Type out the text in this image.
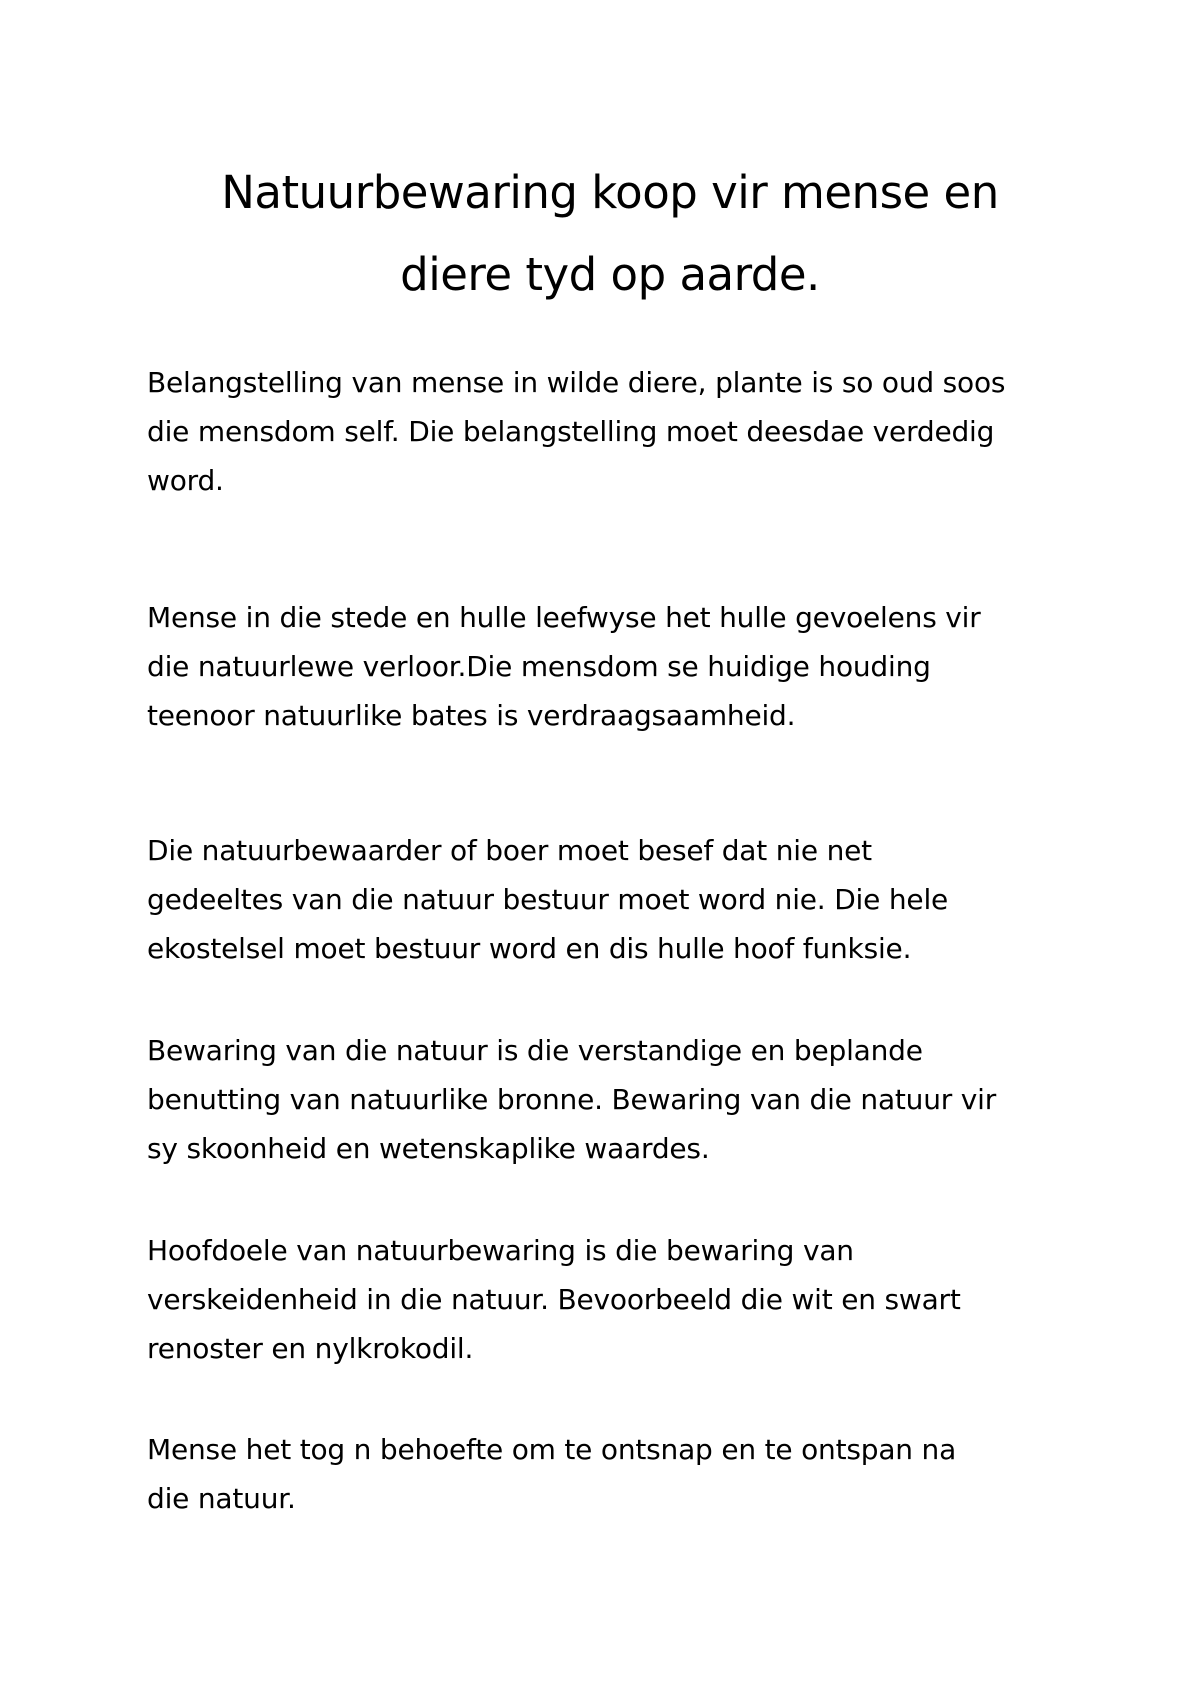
Natuurbewaring koop vir mense en
diere tyd op aarde.

Belangstelling van mense in wilde diere, plante is so oud soos
die mensdom self. Die belangstelling moet deesdae verdedig
word.

Mense in die stede en hulle leefwyse het hulle gevoelens vir
die natuurlewe verloor.Die mensdom se huidige houding
teenoor natuurlike bates is verdraagsaamheid.

Die natuurbewaarder of boer moet besef dat nie net
gedeeltes van die natuur bestuur moet word nie. Die hele
ekostelsel moet bestuur word en dis hulle hoof funksie.

Bewaring van die natuur is die verstandige en beplande
benutting van natuurlike bronne. Bewaring van die natuur vir
sy skoonheid en wetenskaplike waardes.

Hoofdoele van natuurbewaring is die bewaring van
verskeidenheid in die natuur. Bevoorbeeld die wit en swart
renoster en nylkrokodil.

Mense het tog n behoefte om te ontsnap en te ontspan na
die natuur.
